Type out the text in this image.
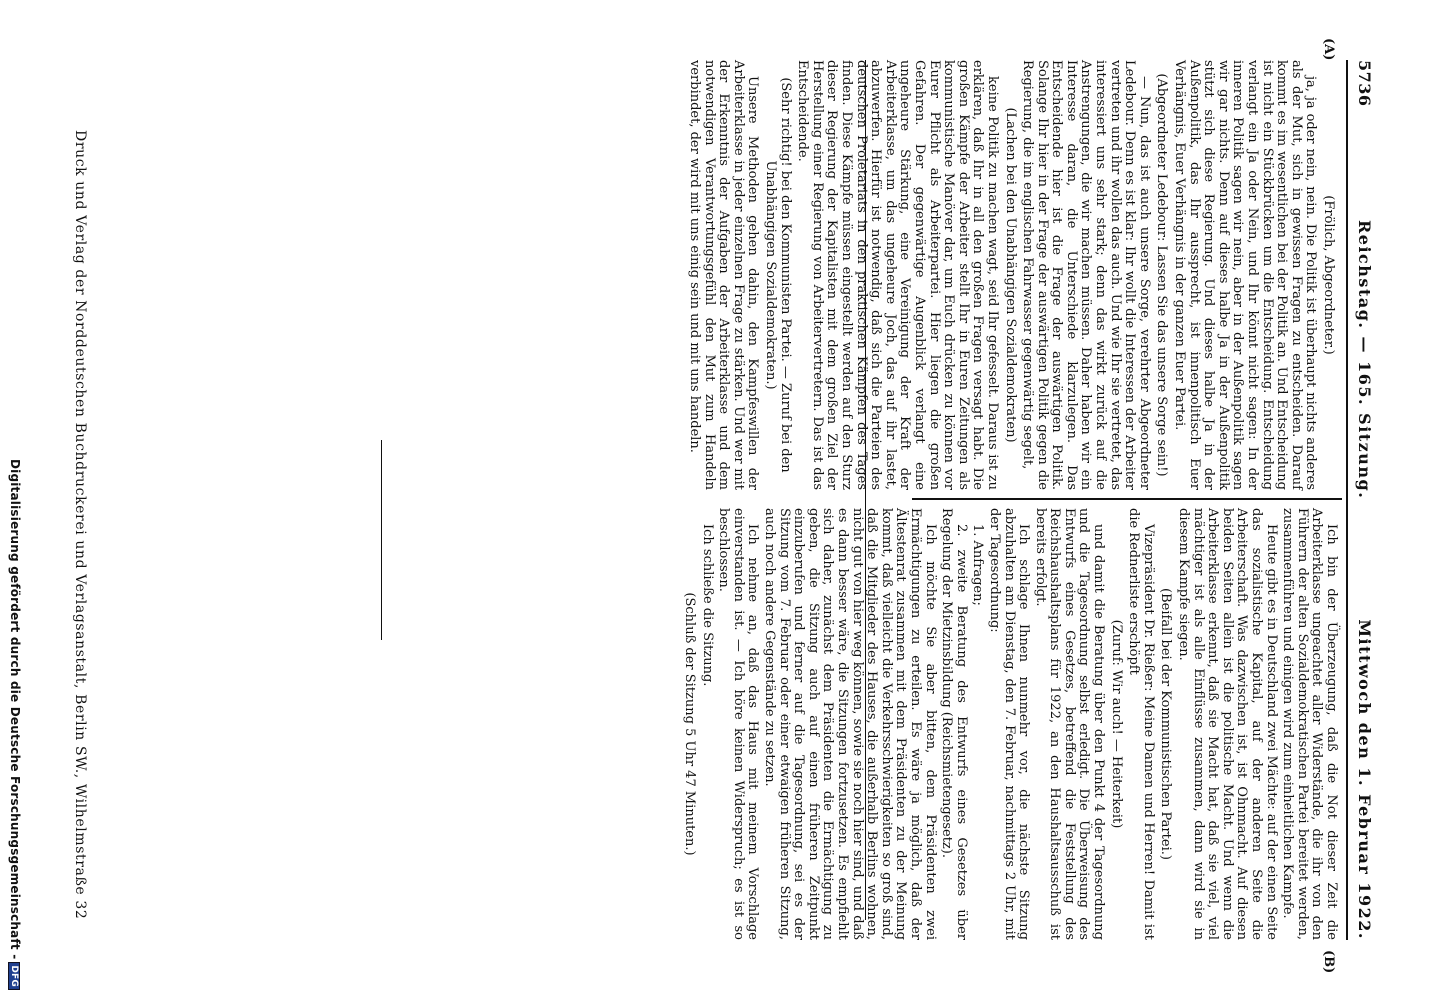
5736
Reichstag. — 165. Sitzung.
Mittwoch den 1. Februar 1922.
(A)
(B)

(Frölich, Abgeordneter.)

ja, ja oder nein, nein. Die Politik ist überhaupt nichts anderes als der Mut, sich in gewissen Fragen zu entscheiden. Darauf kommt es im wesentlichen bei der Politik an. Und Entscheidung ist nicht ein Stückbrücken um die Entscheidung. Entscheidung verlangt ein Ja oder Nein, und Ihr könnt nicht sagen: In der inneren Politik sagen wir nein, aber in der Außenpolitik sagen wir gar nichts. Denn auf dieses halbe Ja in der Außenpolitik stützt sich diese Regierung. Und dieses halbe Ja in der Außenpolitik, das Ihr aussprecht, ist innenpolitisch Euer Verhängnis, Euer Verhängnis in der ganzen Euer Partei.

(Abgeordneter Ledebour: Lassen Sie das unsere Sorge sein!)

— Nun, das ist auch unsere Sorge, verehrter Abgeordneter Ledebour. Denn es ist klar: Ihr wollt die Interessen der Arbeiter vertreten und ihr wollen das auch. Und wie Ihr sie vertretet, das interessiert uns sehr stark; denn das wirkt zurück auf die Anstrengungen, die wir machen müssen. Daher haben wir ein Interesse daran, die Unterschiede klarzulegen. Das Entscheidende hier ist die Frage der auswärtigen Politik. Solange Ihr hier in der Frage der auswärtigen Politik gegen die Regierung, die im englischen Fahrwasser gegenwärtig segelt,

(Lachen bei den Unabhängigen Sozialdemokraten)

keine Politik zu machen wagt, seid Ihr gefesselt. Daraus ist zu erklären, daß Ihr in all den großen Fragen versagt habt. Die großen Kämpfe der Arbeiter stellt Ihr in Euren Zeitungen als kommunistische Manöver dar, um Euch drücken zu können vor Eurer Pflicht als Arbeiterpartei. Hier liegen die großen Gefahren. Der gegenwärtige Augenblick verlangt eine ungeheure Stärkung, eine Vereinigung der Kraft der Arbeiterklasse, um das ungeheure Joch, das auf ihr lastet, abzuwerfen. Hierfür ist notwendig, daß sich die Parteien des deutschen Proletariats in den praktischen Kämpfen des Tages finden. Diese Kämpfe müssen eingestellt werden auf den Sturz dieser Regierung der Kapitalisten mit dem großen Ziel der Herstellung einer Regierung von Arbeitervertretern. Das ist das Entscheidende.

(Sehr richtig! bei den Kommunisten Partei. — Zuruf bei den Unabhängigen Sozialdemokraten.)

Unsere Methoden gehen dahin, den Kampfeswillen der Arbeiterklasse in jeder einzelnen Frage zu stärken. Und wer mit der Erkenntnis der Aufgaben der Arbeiterklasse und dem notwendigen Verantwortungsgefühl den Mut zum Handeln verbindet, der wird mit uns einig sein und mit uns handeln.

Ich bin der Überzeugung, daß die Not dieser Zeit die Arbeiterklasse ungeachtet aller Widerstände, die ihr von den Führern der alten Sozialdemokratischen Partei bereitet werden, zusammenführen und einigen wird zum einheitlichen Kampfe.

Heute gibt es in Deutschland zwei Mächte: auf der einen Seite das sozialistische Kapital, auf der anderen Seite die Arbeiterschaft. Was dazwischen ist, ist Ohnmacht. Auf diesen beiden Seiten allein ist die politische Macht. Und wenn die Arbeiterklasse erkennt, daß sie Macht hat, daß sie viel, viel mächtiger ist als alle Einflüsse zusammen, dann wird sie in diesem Kampfe siegen.

(Beifall bei der Kommunistischen Partei.)

Vizepräsident Dr. Rießer: Meine Damen und Herren! Damit ist die Rednerliste erschöpft

(Zuruf: Wir auch! — Heiterkeit)

und damit die Beratung über den Punkt 4 der Tagesordnung und die Tagesordnung selbst erledigt. Die Überweisung des Entwurfs eines Gesetzes, betreffend die Feststellung des Reichshaushaltsplans für 1922, an den Haushaltsausschuß ist bereits erfolgt.

Ich schlage Ihnen nunmehr vor, die nächste Sitzung abzuhalten am Dienstag, den 7. Februar, nachmittags 2 Uhr, mit der Tagesordnung:

1. Anfragen;

2. zweite Beratung des Entwurfs eines Gesetzes über Regelung der Mietzinsbildung (Reichsmietengesetz).

Ich möchte Sie aber bitten, dem Präsidenten zwei Ermächtigungen zu erteilen. Es wäre ja möglich, daß der Ältestenrat zusammen mit dem Präsidenten zu der Meinung kommt, daß vielleicht die Verkehrsschwierigkeiten so groß sind, daß die Mitglieder des Hauses, die außerhalb Berlins wohnen, nicht gut von hier weg können, sowie sie noch hier sind, und daß es dann besser wäre, die Sitzungen fortzusetzen. Es empfiehlt sich daher, zunächst dem Präsidenten die Ermächtigung zu geben, die Sitzung auch auf einen früheren Zeitpunkt einzuberufen und ferner auf die Tagesordnung, sei es der Sitzung vom 7. Februar oder einer etwaigen früheren Sitzung, auch noch andere Gegenstände zu setzen.

Ich nehme an, daß das Haus mit meinem Vorschlage einverstanden ist. — Ich höre keinen Widerspruch; es ist so beschlossen.

Ich schließe die Sitzung.

(Schluß der Sitzung 5 Uhr 47 Minuten.)

Druck und Verlag der Norddeutschen Buchdruckerei und Verlagsanstalt, Berlin SW., Wilhelmstraße 32
Digitalisierung gefördert durch die Deutsche Forschungsgemeinschaft -DFG
